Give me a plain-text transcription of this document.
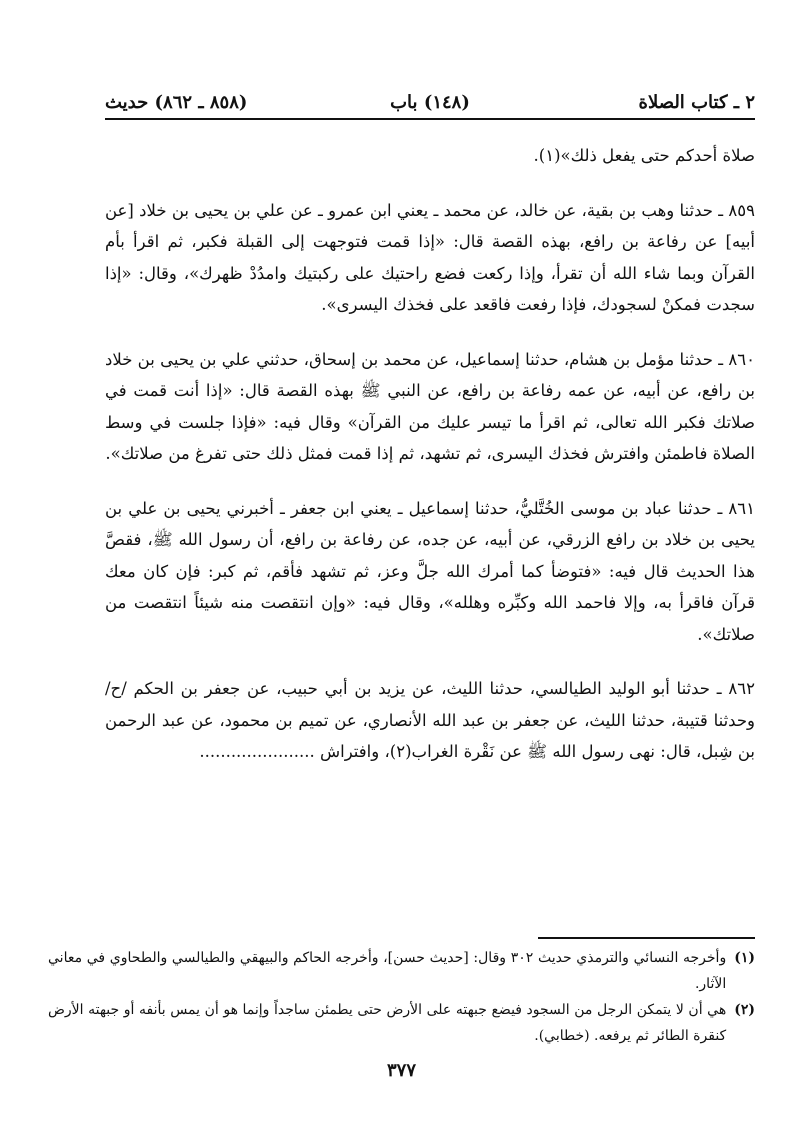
٢ ـ كتاب الصلاة
(١٤٨) باب
(٨٥٨ ـ ٨٦٢) حديث

صلاة أحدكم حتى يفعل ذلك»(١).

٨٥٩ ـ حدثنا وهب بن بقية، عن خالد، عن محمد ـ يعني ابن عمرو ـ عن علي بن يحيى بن خلاد [عن أبيه] عن رفاعة بن رافع، بهذه القصة قال: «إذا قمت فتوجهت إلى القبلة فكبر، ثم اقرأ بأم القرآن وبما شاء الله أن تقرأ، وإذا ركعت فضع راحتيك على ركبتيك وامدُدْ ظهرك»، وقال: «إذا سجدت فمكنْ لسجودك، فإذا رفعت فاقعد على فخذك اليسرى».

٨٦٠ ـ حدثنا مؤمل بن هشام، حدثنا إسماعيل، عن محمد بن إسحاق، حدثني علي بن يحيى بن خلاد بن رافع، عن أبيه، عن عمه رفاعة بن رافع، عن النبي ﷺ بهذه القصة قال: «إذا أنت قمت في صلاتك فكبر الله تعالى، ثم اقرأ ما تيسر عليك من القرآن» وقال فيه: «فإذا جلست في وسط الصلاة فاطمئن وافترش فخذك اليسرى، ثم تشهد، ثم إذا قمت فمثل ذلك حتى تفرغ من صلاتك».

٨٦١ ـ حدثنا عباد بن موسى الخُتَّليُّ، حدثنا إسماعيل ـ يعني ابن جعفر ـ أخبرني يحيى بن علي بن يحيى بن خلاد بن رافع الزرقي، عن أبيه، عن جده، عن رفاعة بن رافع، أن رسول الله ﷺ، فقصَّ هذا الحديث قال فيه: «فتوضأ كما أمرك الله جلَّ وعز، ثم تشهد فأقم، ثم كبر: فإن كان معك قرآن فاقرأ به، وإلا فاحمد الله وكبِّره وهلله»، وقال فيه: «وإن انتقصت منه شيئاً انتقصت من صلاتك».

٨٦٢ ـ حدثنا أبو الوليد الطيالسي، حدثنا الليث، عن يزيد بن أبي حبيب، عن جعفر بن الحكم /ح/ وحدثنا قتيبة، حدثنا الليث، عن جعفر بن عبد الله الأنصاري، عن تميم بن محمود، عن عبد الرحمن بن شِبل، قال: نهى رسول الله ﷺ عن نَقْرة الغراب(٢)، وافتراش ......................

(١)
وأخرجه النسائي والترمذي حديث ٣٠٢ وقال: [حديث حسن]، وأخرجه الحاكم والبيهقي والطيالسي والطحاوي في معاني الآثار.
(٢)
هي أن لا يتمكن الرجل من السجود فيضع جبهته على الأرض حتى يطمئن ساجداً وإنما هو أن يمس بأنفه أو جبهته الأرض كنقرة الطائر ثم يرفعه. (خطابي).
٣٧٧
